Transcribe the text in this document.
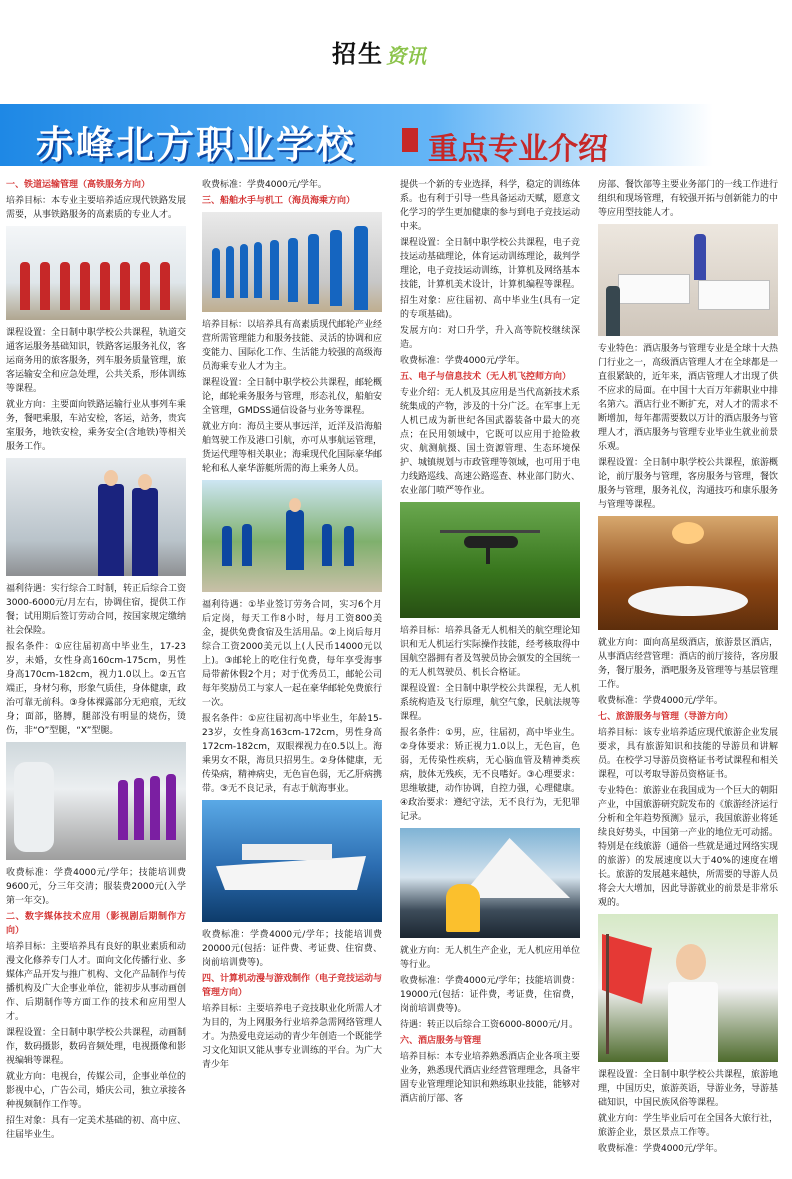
招生 资讯
赤峰北方职业学校 重点专业介绍

一、铁道运输管理（高铁服务方向）

培养目标：本专业主要培养适应现代铁路发展需要，从事铁路服务的高素质的专业人才。

课程设置：全日制中职学校公共课程，轨道交通客运服务基础知识，铁路客运服务礼仪，客运商务用的旅客服务，列车服务质量管理，旅客运输安全和应急处理，公共关系，形体训练等课程。

就业方向：主要面向铁路运输行业从事列车乘务，餐吧乘服，车站安检，客运，站务，贵宾室服务，地铁安检，乘务安全(含地铁)等相关服务工作。

福利待遇：实行综合工时制，转正后综合工资3000-6000元/月左右，协调住宿，提供工作餐；试用期后签订劳动合同，按国家规定缴纳社会保险。

报名条件：①应往届初高中毕业生，17-23岁，未婚，女性身高160cm-175cm，男性身高170cm-182cm，视力1.0以上。②五官端正，身材匀称，形象气质佳，身体健康，政治可靠无前科。③身体裸露部分无疤痕，无纹身；面部，胳膊，腿部没有明显的烧伤，烫伤，非“O”型腿，“X”型腿。

收费标准：学费4000元/学年；技能培训费9600元，分三年交清；服装费2000元(入学第一年交)。

二、数字媒体技术应用（影视剧后期制作方向）

培养目标：主要培养具有良好的职业素质和动漫文化修养专门人才。面向文化传播行业、多媒体产品开发与推广机构、文化产品制作与传播机构及广大企事业单位，能初步从事动画创作、后期制作等方面工作的技术和应用型人才。

课程设置：全日制中职学校公共课程，动画制作，数码摄影，数码音频处理，电视摄像和影视编辑等课程。

就业方向：电视台，传媒公司，企事业单位的影视中心，广告公司，婚庆公司，独立承接各种视频制作工作等。

招生对象：具有一定美术基础的初、高中应、往届毕业生。

收费标准：学费4000元/学年。

三、船舶水手与机工（海员海乘方向）

培养目标：以培养具有高素质现代邮轮产业经营所需管理能力和服务技能、灵活的协调和应变能力、国际化工作、生活能力较强的高级海员海乘专业人才为主。

课程设置：全日制中职学校公共课程，邮轮概论，邮轮乘务服务与管理，形态礼仪，船舶安全管理，GMDSS通信设备与业务等课程。

就业方向：海员主要从事远洋，近洋及沿海船舶驾驶工作及港口引航，亦可从事航运管理，货运代理等相关职业；海乘现代化国际豪华邮轮和私人豪华游艇所需的海上乘务人员。

福利待遇：①毕业签订劳务合同，实习6个月后定岗，每天工作8小时，每月工资800美金，提供免费食宿及生活用品。②上岗后每月综合工资2000美元以上(人民币14000元以上)。③邮轮上的吃住行免费，每年享受海事局带薪休假2个月；对于优秀员工，邮轮公司每年奖励员工与家人一起在豪华邮轮免费旅行一次。

报名条件：①应往届初高中毕业生，年龄15-23岁，女性身高163cm-172cm，男性身高172cm-182cm，双眼裸视力在0.5以上。海乘男女不限，海员只招男生。②身体健康，无传染病，精神病史，无色盲色弱，无乙肝病携带。③无不良记录，有志于航海事业。

收费标准：学费4000元/学年；技能培训费20000元(包括：证件费、考证费、住宿费、岗前培训费等)。

四、计算机动漫与游戏制作（电子竞技运动与管理方向）

培养目标：主要培养电子竞技职业化所需人才为目的，为上网服务行业培养急需网络管理人才。为热爱电竞运动的青少年创造一个既能学习文化知识又能从事专业训练的平台。为广大青少年

提供一个新的专业选择，科学，稳定的训练体系。也有利于引导一些具备运动天赋，愿意文化学习的学生更加健康的参与到电子竞技运动中来。

课程设置：全日制中职学校公共课程，电子竞技运动基础理论，体育运动训练理论，裁判学理论，电子竞技运动训练，计算机及网络基本技能，计算机美术设计，计算机编程等课程。

招生对象：应往届初、高中毕业生(具有一定的专项基础)。

发展方向：对口升学，升入高等院校继续深造。

收费标准：学费4000元/学年。

五、电子与信息技术（无人机飞控师方向）

专业介绍：无人机及其应用是当代高新技术系统集成的产物，涉及的十分广泛。在军事上无人机已成为新世纪各国武器装备中最大的亮点；在民用领域中，它既可以应用于抢险救灾、航测航摄、国土资源管理、生态环境保护、城镇规划与市政管理等领域，也可用于电力线路巡线、高速公路巡查、林业部门防火、农业部门喷严等作业。

培养目标：培养具备无人机相关的航空理论知识和无人机运行实际操作技能，经考核取得中国航空器拥有者及驾驶员协会颁发的全国统一的无人机驾驶员、机长合格证。

课程设置：全日制中职学校公共课程，无人机系统构造及飞行原理，航空气象，民航法规等课程。

报名条件：①男，应，往届初，高中毕业生。②身体要求：矫正视力1.0以上，无色盲，色弱，无传染性疾病，无心脑血管及精神类疾病，肢体无残疾，无不良嗜好。③心理要求：思维敏捷，动作协调，自控力强，心理健康。④政治要求：遵纪守法，无不良行为，无犯罪记录。

就业方向：无人机生产企业，无人机应用单位等行业。

收费标准：学费4000元/学年；技能培训费：19000元(包括：证件费，考证费，住宿费，岗前培训费等)。

待遇：转正以后综合工资6000-8000元/月。

六、酒店服务与管理

培养目标：本专业培养熟悉酒店企业各项主要业务，熟悉现代酒店业经营管理理念，具备牢固专业管理理论知识和熟练职业技能，能够对酒店前厅部、客

房部、餐饮部等主要业务部门的一线工作进行组织和现场管理，有较强开拓与创新能力的中等应用型技能人才。

专业特色：酒店服务与管理专业是全球十大热门行业之一，高级酒店管理人才在全球都是一直很紧缺的，近年来，酒店管理人才出现了供不应求的局面。在中国十大百万年薪职业中排名第六。酒店行业不断扩充，对人才的需求不断增加，每年都需要数以万计的酒店服务与管理人才，酒店服务与管理专业毕业生就业前景乐观。

课程设置：全日制中职学校公共课程，旅游概论，前厅服务与管理，客房服务与管理，餐饮服务与管理，服务礼仪，沟通技巧和康乐服务与管理等课程。

就业方向：面向高星级酒店，旅游景区酒店，从事酒店经营管理：酒店的前厅接待，客房服务，餐厅服务，酒吧服务及管理等与基层管理工作。

收费标准：学费4000元/学年。

七、旅游服务与管理（导游方向）

培养目标：该专业培养适应现代旅游企业发展要求，具有旅游知识和技能的导游员和讲解员。在校学习导游员资格证书考试课程和相关课程，可以考取导游员资格证书。

专业特色：旅游业在我国成为一个巨大的朝阳产业，中国旅游研究院发布的《旅游经济运行分析和全年趋势预测》显示，我国旅游业将延续良好势头，中国第一产业的地位无可动摇。特别是在线旅游（通俗一些就是通过网络实现的旅游）的发展速度以大于40%的速度在增长。旅游的发展越来越快，所需要的导游人员将会大大增加，因此导游就业的前景是非常乐观的。

课程设置：全日制中职学校公共课程，旅游地理，中国历史，旅游英语，导游业务，导游基础知识，中国民族风俗等课程。

就业方向：学生毕业后可在全国各大旅行社，旅游企业，景区景点工作等。

收费标准：学费4000元/学年。
